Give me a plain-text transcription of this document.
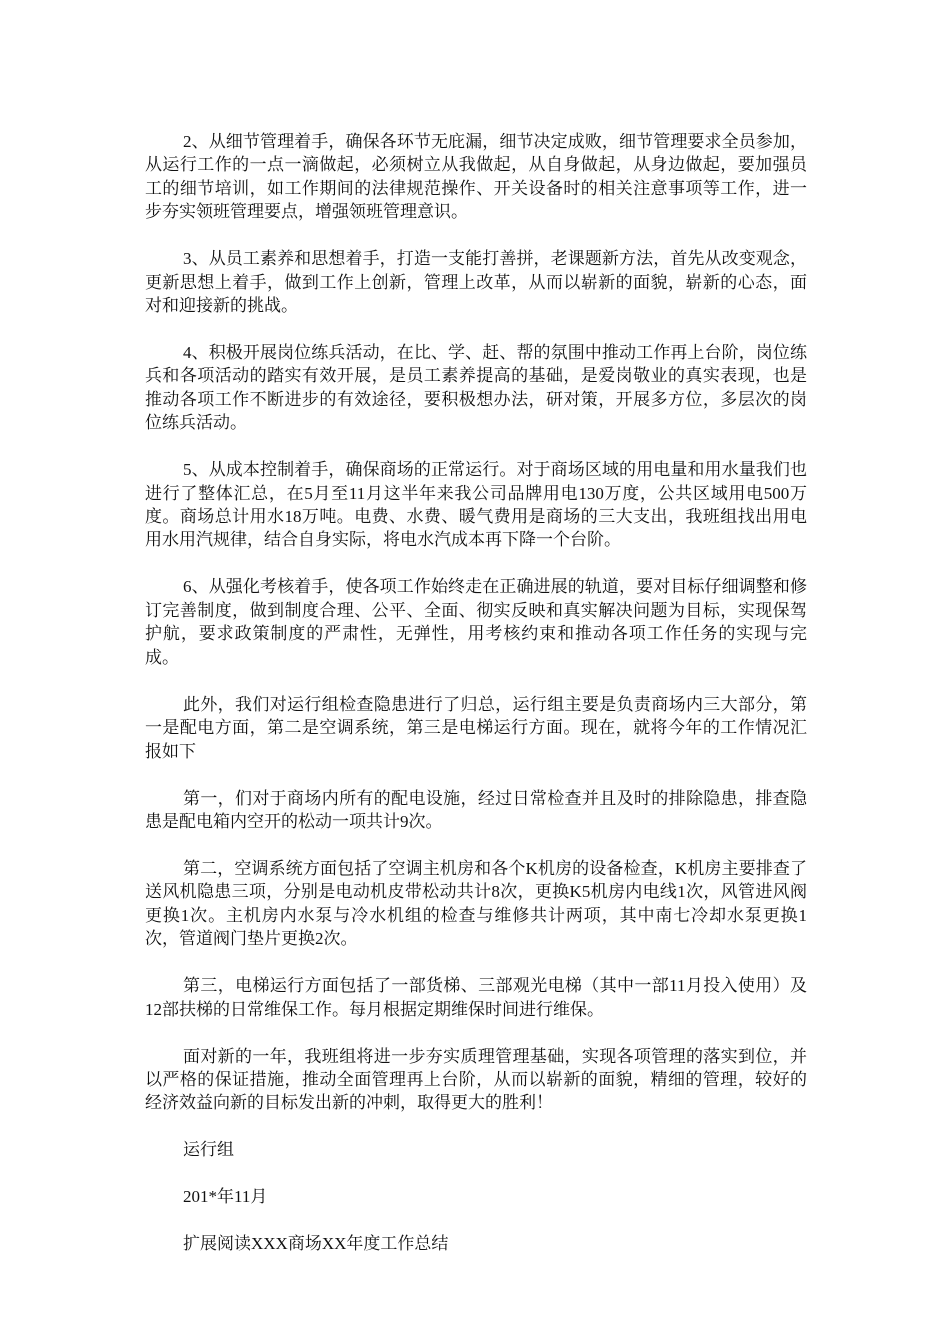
2、从细节管理着手，确保各环节无庇漏，细节决定成败，细节管理要求全员参加，从运行工作的一点一滴做起，必须树立从我做起，从自身做起，从身边做起，要加强员工的细节培训，如工作期间的法律规范操作、开关设备时的相关注意事项等工作，进一步夯实领班管理要点，增强领班管理意识。

3、从员工素养和思想着手，打造一支能打善拼，老课题新方法，首先从改变观念，更新思想上着手，做到工作上创新，管理上改革，从而以崭新的面貌，崭新的心态，面对和迎接新的挑战。

4、积极开展岗位练兵活动，在比、学、赶、帮的氛围中推动工作再上台阶，岗位练兵和各项活动的踏实有效开展，是员工素养提高的基础，是爱岗敬业的真实表现，也是推动各项工作不断进步的有效途径，要积极想办法，研对策，开展多方位，多层次的岗位练兵活动。

5、从成本控制着手，确保商场的正常运行。对于商场区域的用电量和用水量我们也进行了整体汇总，在5月至11月这半年来我公司品牌用电130万度，公共区域用电500万度。商场总计用水18万吨。电费、水费、暖气费用是商场的三大支出，我班组找出用电用水用汽规律，结合自身实际，将电水汽成本再下降一个台阶。

6、从强化考核着手，使各项工作始终走在正确进展的轨道，要对目标仔细调整和修订完善制度，做到制度合理、公平、全面、彻实反映和真实解决问题为目标，实现保驾护航，要求政策制度的严肃性，无弹性，用考核约束和推动各项工作任务的实现与完成。

此外，我们对运行组检查隐患进行了归总，运行组主要是负责商场内三大部分，第一是配电方面，第二是空调系统，第三是电梯运行方面。现在，就将今年的工作情况汇报如下

第一，们对于商场内所有的配电设施，经过日常检查并且及时的排除隐患，排查隐患是配电箱内空开的松动一项共计9次。

第二，空调系统方面包括了空调主机房和各个K机房的设备检查，K机房主要排查了送风机隐患三项，分别是电动机皮带松动共计8次，更换K5机房内电线1次，风管进风阀更换1次。主机房内水泵与冷水机组的检查与维修共计两项，其中南七冷却水泵更换1次，管道阀门垫片更换2次。

第三，电梯运行方面包括了一部货梯、三部观光电梯（其中一部11月投入使用）及12部扶梯的日常维保工作。每月根据定期维保时间进行维保。

面对新的一年，我班组将进一步夯实质理管理基础，实现各项管理的落实到位，并以严格的保证措施，推动全面管理再上台阶，从而以崭新的面貌，精细的管理，较好的经济效益向新的目标发出新的冲刺，取得更大的胜利！

运行组

201*年11月

扩展阅读XXX商场XX年度工作总结
